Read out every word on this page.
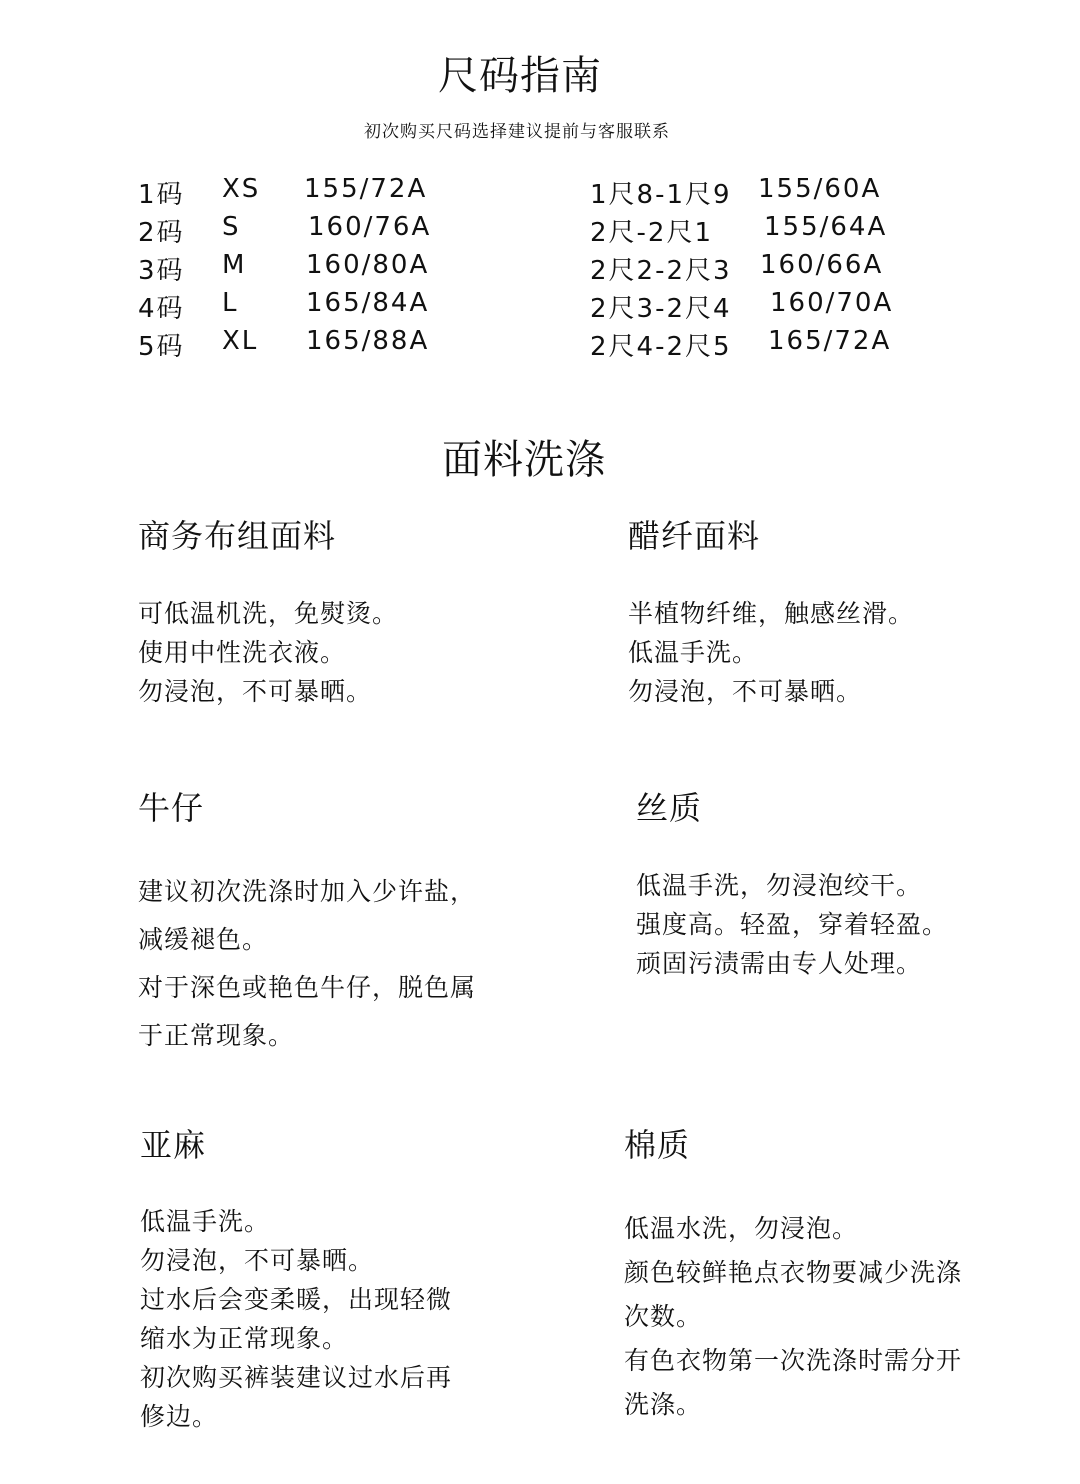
尺码指南
初次购买尺码选择建议提前与客服联系
1码 XS 155/72A
2码 S	160/76A
3码 M 160/80A
4码 L	165/84A
5码 XL 165/88A
1尺8-1尺9 155/60A
2尺-2尺1 155/64A
2尺2-2尺3 160/66A
2尺3-2尺4 160/70A
2尺4-2尺5 165/72A
面料洗涤
商务布组面料
可低温机洗，免熨烫。
使用中性洗衣液。
勿浸泡，不可暴晒。
醋纤面料
半植物纤维，触感丝滑。
低温手洗。
勿浸泡，不可暴晒。
牛仔
建议初次洗涤时加入少许盐，
减缓褪色。
对于深色或艳色牛仔，脱色属
于正常现象。
丝质
低温手洗，勿浸泡绞干。
强度高。轻盈，穿着轻盈。
顽固污渍需由专人处理。
亚麻
低温手洗。
勿浸泡，不可暴晒。
过水后会变柔暖，出现轻微
缩水为正常现象。
初次购买裤装建议过水后再
修边。
棉质
低温水洗，勿浸泡。
颜色较鲜艳点衣物要减少洗涤
次数。
有色衣物第一次洗涤时需分开
洗涤。
